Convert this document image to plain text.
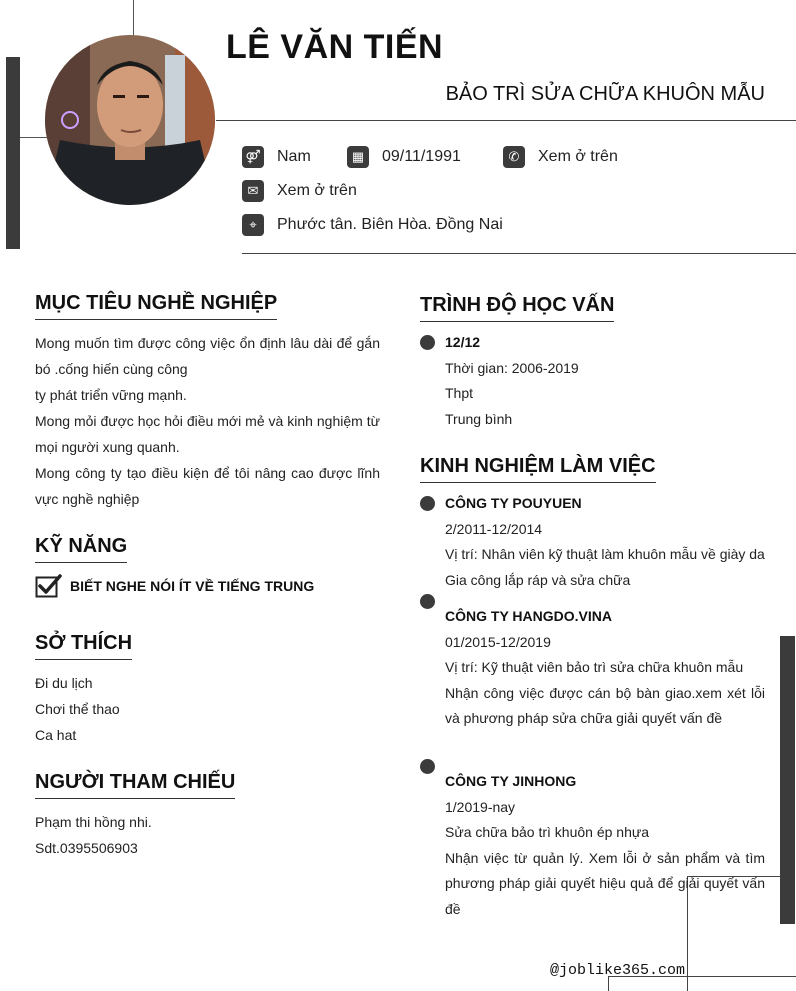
LÊ VĂN TIẾN
BẢO TRÌ SỬA CHỮA KHUÔN MẪU
⚤ Nam	▦	09/11/1991	✆	Xem ở trên
✉	Xem ở trên
⌖	Phước tân. Biên Hòa. Đồng Nai
MỤC TIÊU NGHỀ NGHIỆP

Mong muốn tìm được công việc ổn định lâu dài để gắn bó .cống hiến cùng công

ty phát triển vững mạnh.

Mong mỏi được học hỏi điều mới mẻ và kinh nghiệm từ mọi người xung quanh.

Mong công ty tạo điều kiện để tôi nâng cao được lĩnh vực nghề nghiệp

KỸ NĂNG
BIẾT NGHE NÓI ÍT VỀ TIẾNG TRUNG
SỞ THÍCH

Đi du lịch

Chơi thể thao

Ca hat

NGƯỜI THAM CHIẾU

Phạm thi hồng nhi.

Sdt.0395506903

TRÌNH ĐỘ HỌC VẤN
12/12
Thời gian: 2006-2019
Thpt
Trung bình
KINH NGHIỆM LÀM VIỆC
CÔNG TY POUYUEN
2/2011-12/2014
Vị trí: Nhân viên kỹ thuật làm khuôn mẫu về giày da
Gia công lắp ráp và sửa chữa
CÔNG TY HANGDO.VINA
01/2015-12/2019
Vị trí: Kỹ thuật viên bảo trì sửa chữa khuôn mẫu
Nhận công việc được cán bộ bàn giao.xem xét lỗi và phương pháp sửa chữa giải quyết vấn đề
CÔNG TY JINHONG
1/2019-nay
Sửa chữa bảo trì khuôn ép nhựa
Nhận việc từ quản lý. Xem lỗi ở sản phẩm và tìm phương pháp giải quyết hiệu quả để giải quyết vấn đề
@joblike365.com
